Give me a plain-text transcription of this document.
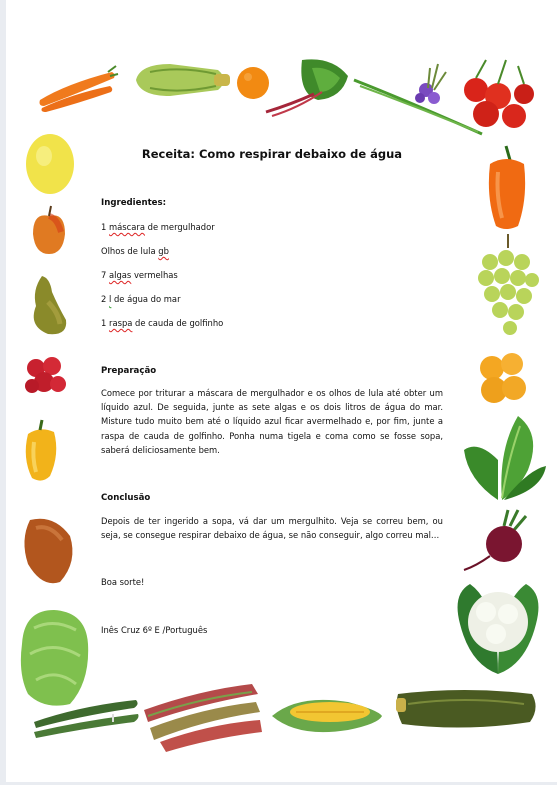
Receita: Como respirar debaixo de água
Ingredientes:
1 máscara de mergulhador
Olhos de lula gb
7 algas vermelhas
2 l de água do mar
1 raspa de cauda de golfinho
Preparação
Comece por triturar a máscara de mergulhador e os olhos de lula até obter um líquido azul. De seguida, junte as sete algas e os dois litros de água do mar. Misture tudo muito bem até o líquido azul ficar avermelhado e, por fim, junte a raspa de cauda de golfinho. Ponha numa tigela e coma como se fosse sopa, saberá deliciosamente bem.
Conclusão
Depois de ter ingerido a sopa, vá dar um mergulhito. Veja se correu bem, ou seja, se consegue respirar debaixo de água, se não conseguir, algo correu mal…
Boa sorte!
Inês Cruz 6º E /Português
